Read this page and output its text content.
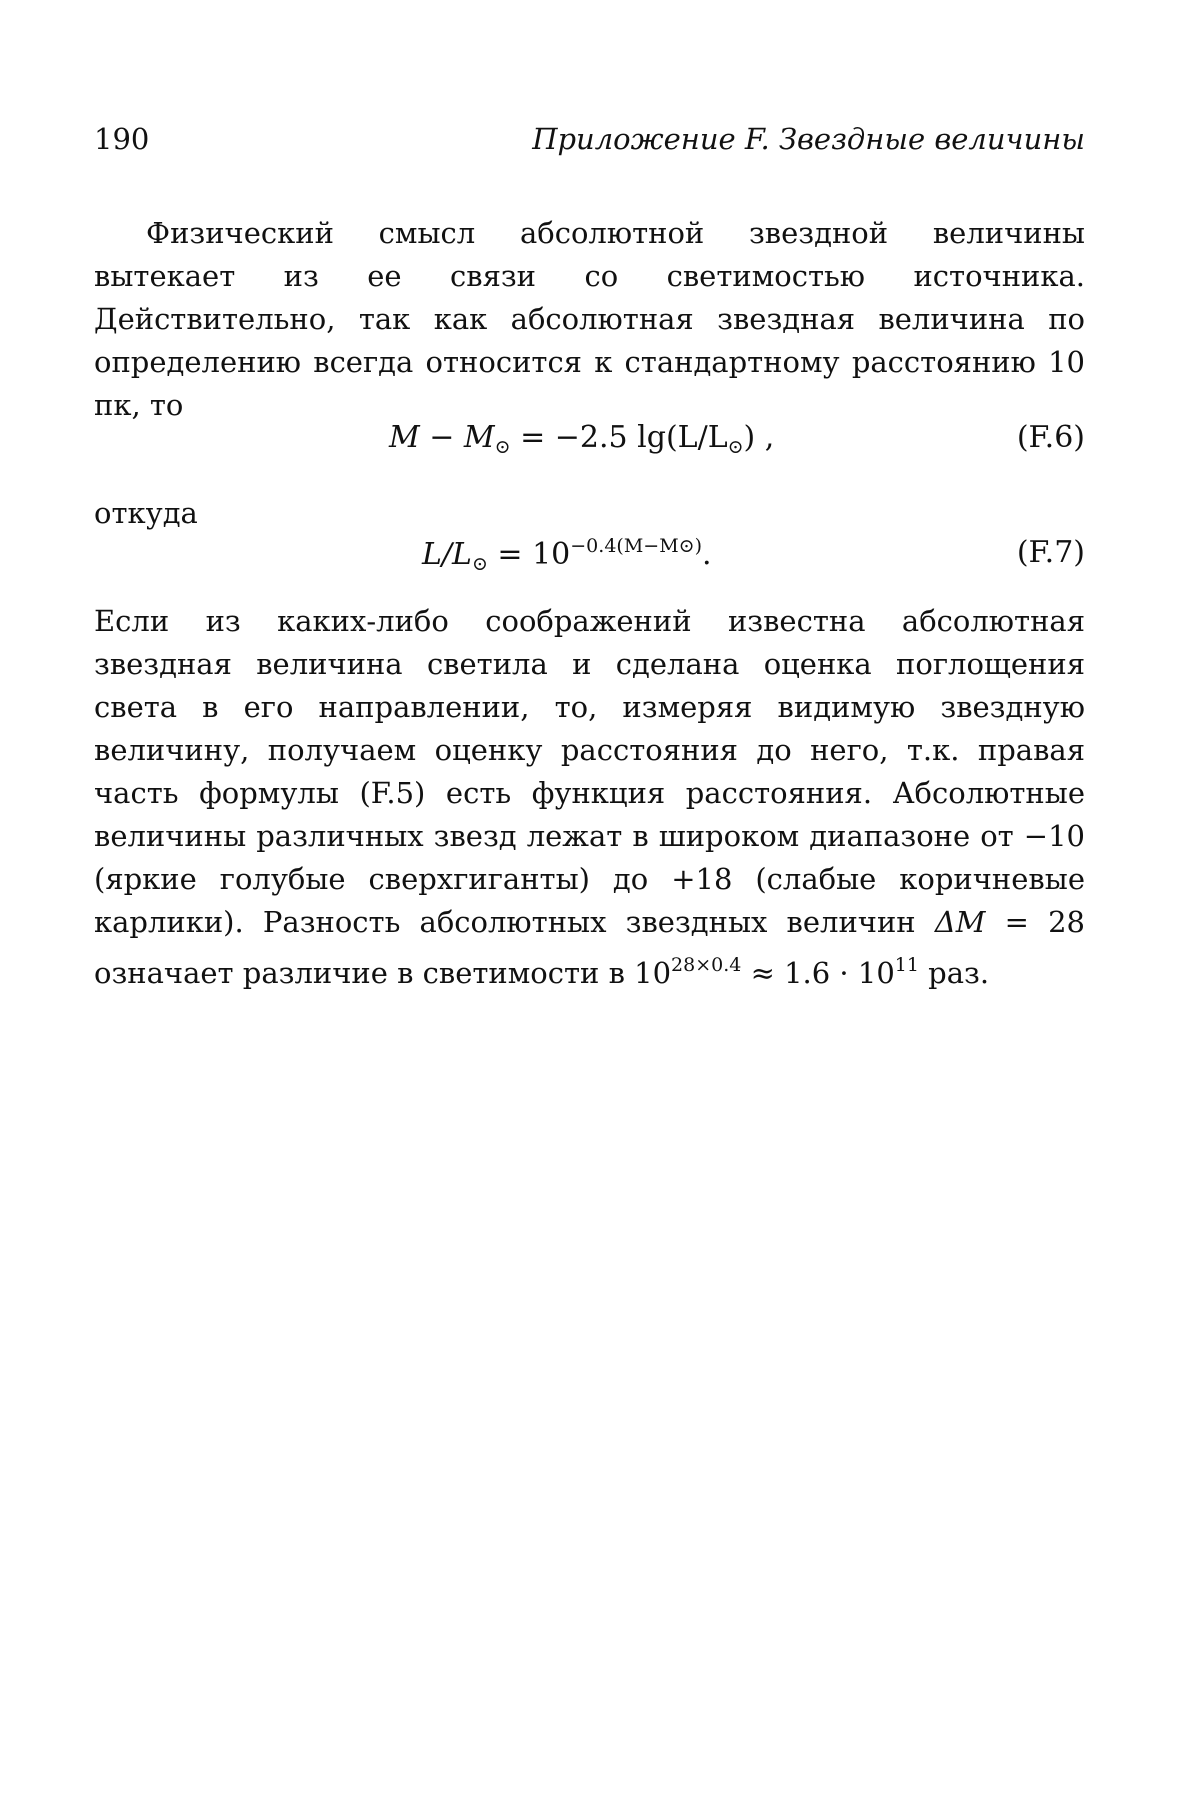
190	Приложение F. Звездные величины

Физический смысл абсолютной звездной величины вытекает из ее связи со светимостью источника. Действительно, так как абсолютная звездная величина по определению всегда относится к стандартному расстоянию 10 пк, то

$M - M_⊙ = -2.5$ $\lg(L/L_⊙)$ ,	(F.6)
откуда
$L/L_⊙ = 10^{-0.4(M-M⊙)}$.	(F.7)

Если из каких-либо соображений известна абсолютная звездная величина светила и сделана оценка поглощения света в его направлении, то, измеряя видимую звездную величину, получаем оценку расстояния до него, т.к. правая часть формулы (F.5) есть функция расстояния. Абсолютные величины различных звезд лежат в широком диапазоне от −10 (яркие голубые сверхгиганты) до +18 (слабые коричневые карлики). Разность абсолютных звездных величин ΔM = 28 означает различие в светимости в $10^{28\times 0.4} \approx 1.6 \cdot 10^{11}$ раз.
